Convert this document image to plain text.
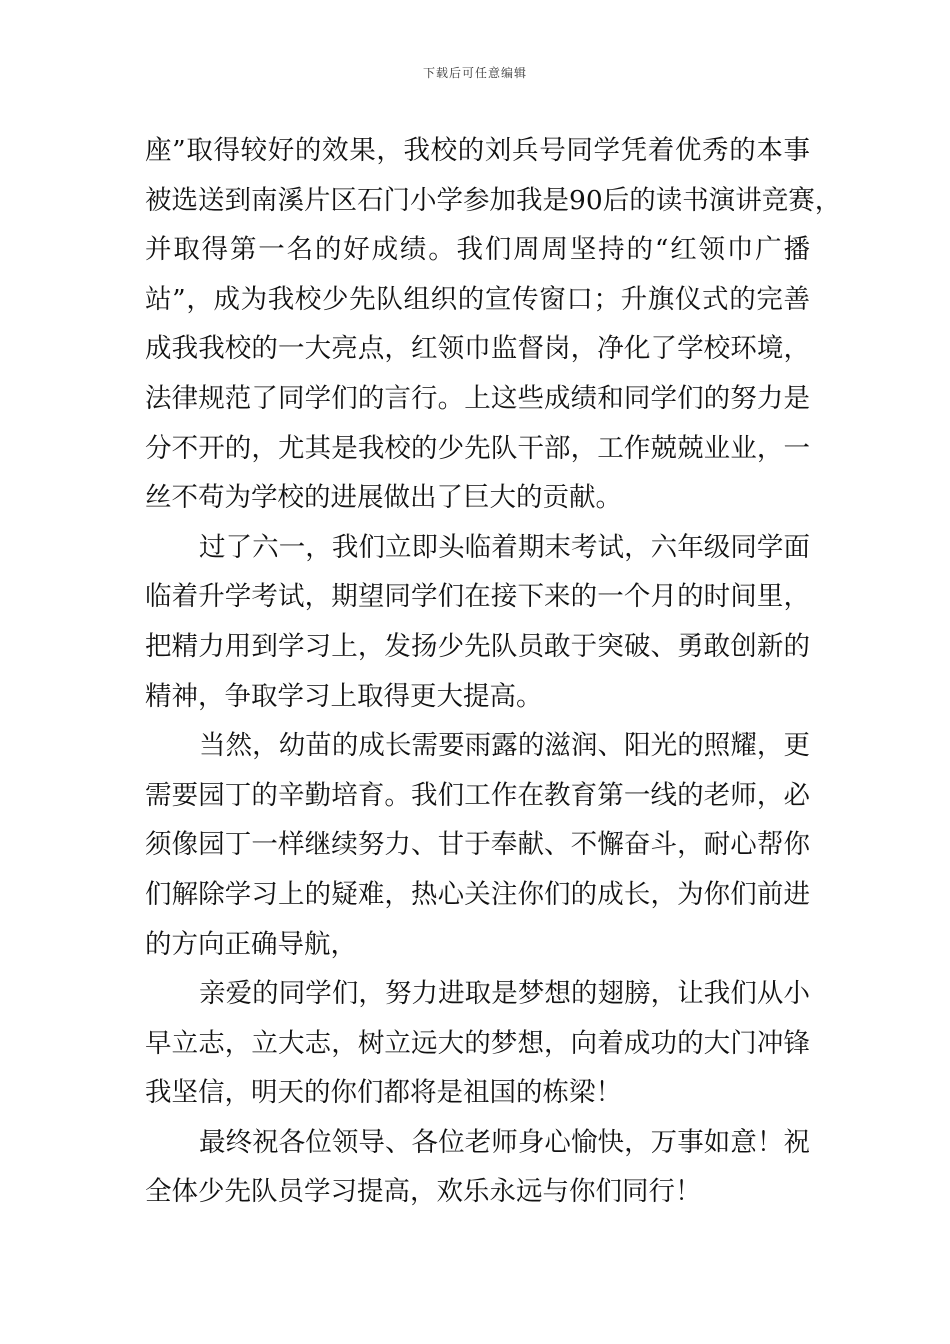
下载后可任意编辑
座”取得较好的效果，我校的刘兵号同学凭着优秀的本事
被选送到南溪片区石门小学参加我是90后的读书演讲竞赛，
并取得第一名的好成绩。我们周周坚持的“红领巾广播
站”，成为我校少先队组织的宣传窗口；升旗仪式的完善
成我我校的一大亮点，红领巾监督岗，净化了学校环境，
法律规范了同学们的言行。上这些成绩和同学们的努力是
分不开的，尤其是我校的少先队干部，工作兢兢业业，一
丝不苟为学校的进展做出了巨大的贡献。
过了六一，我们立即头临着期末考试，六年级同学面
临着升学考试，期望同学们在接下来的一个月的时间里，
把精力用到学习上，发扬少先队员敢于突破、勇敢创新的
精神，争取学习上取得更大提高。
当然，幼苗的成长需要雨露的滋润、阳光的照耀，更
需要园丁的辛勤培育。我们工作在教育第一线的老师，必
须像园丁一样继续努力、甘于奉献、不懈奋斗，耐心帮你
们解除学习上的疑难，热心关注你们的成长，为你们前进
的方向正确导航，
亲爱的同学们，努力进取是梦想的翅膀，让我们从小
早立志，立大志，树立远大的梦想，向着成功的大门冲锋
我坚信，明天的你们都将是祖国的栋梁！
最终祝各位领导、各位老师身心愉快，万事如意！祝
全体少先队员学习提高，欢乐永远与你们同行！
